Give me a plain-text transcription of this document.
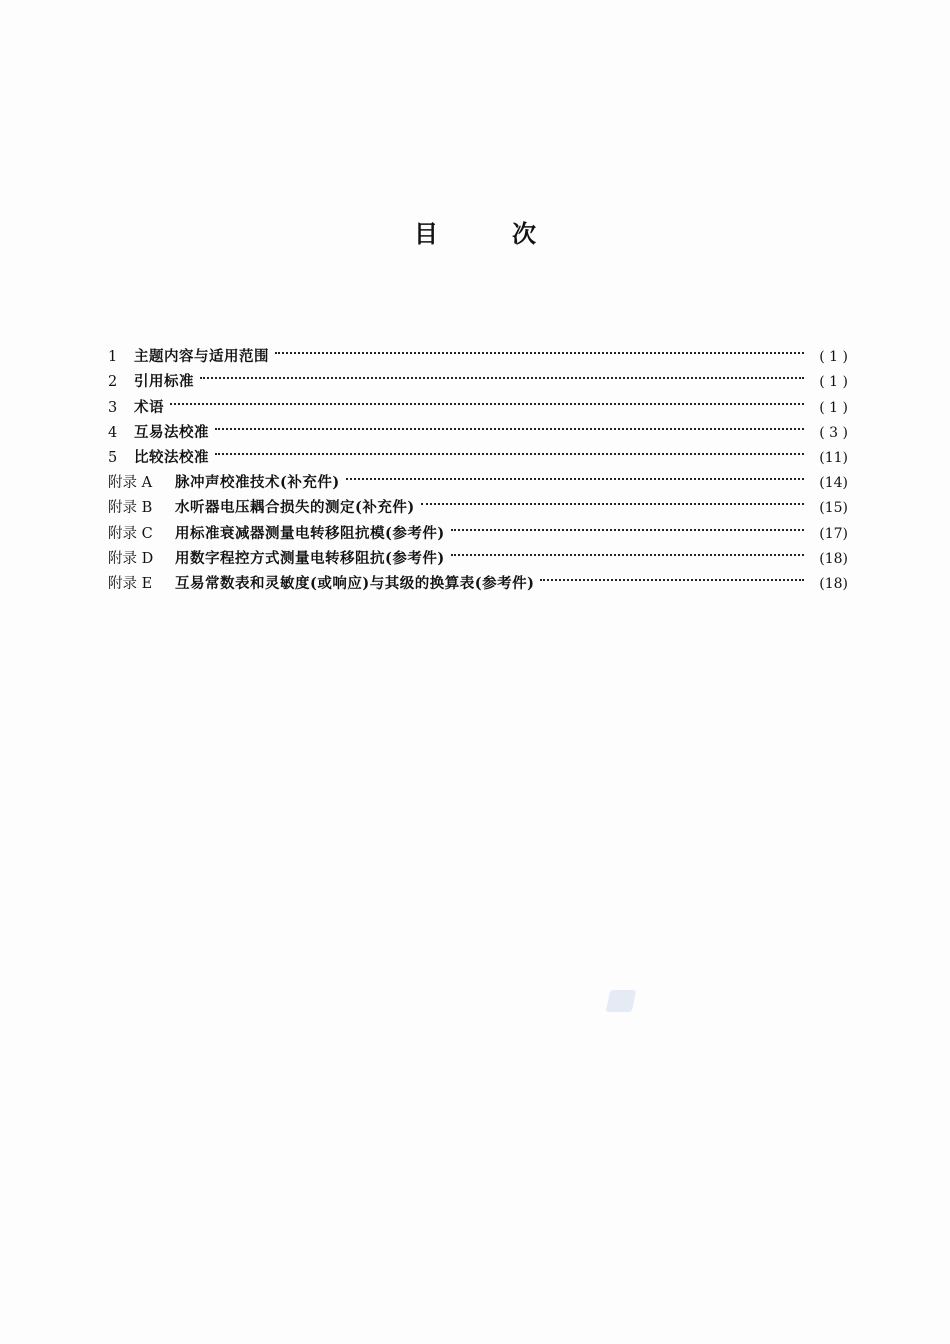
目	次
1	主题内容与适用范围	( 1 )
2	引用标准	( 1 )
3	术语	( 1 )
4	互易法校准	( 3 )
5	比较法校准	(11)
附录 A	脉冲声校准技术(补充件)	(14)
附录 B	水听器电压耦合损失的测定(补充件)	(15)
附录 C	用标准衰减器测量电转移阻抗模(参考件)	(17)
附录 D	用数字程控方式测量电转移阻抗(参考件)	(18)
附录 E	互易常数表和灵敏度(或响应)与其级的换算表(参考件)	(18)
